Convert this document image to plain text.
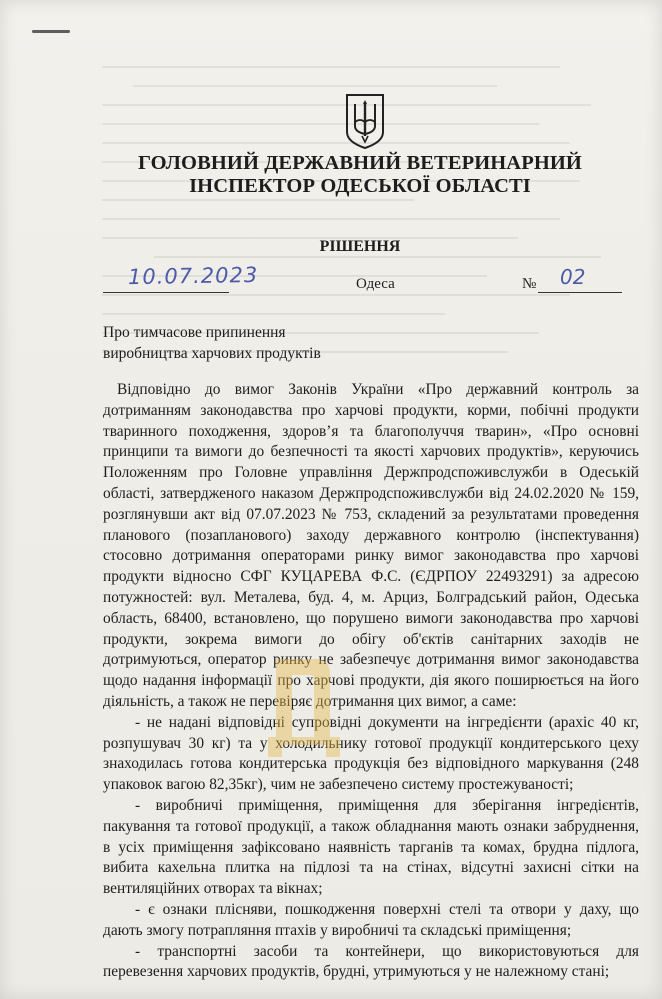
ГОЛОВНИЙ ДЕРЖАВНИЙ ВЕТЕРИНАРНИЙ
ІНСПЕКТОР ОДЕСЬКОЇ ОБЛАСТІ
РІШЕННЯ
10.07.2023	Одеса	№ 02
Про тимчасове припинення
виробництва харчових продуктів
Відповідно до вимог Законів України «Про державний контроль за
дотриманням законодавства про харчові продукти, корми, побічні продукти
тваринного походження, здоров’я та благополуччя тварин», «Про основні
принципи та вимоги до безпечності та якості харчових продуктів», керуючись
Положенням про Головне управління Держпродспоживслужби в Одеській
області, затвердженого наказом Держпродспоживслужби від 24.02.2020 № 159,
розглянувши акт від 07.07.2023 № 753, складений за результатами проведення
планового (позапланового) заходу державного контролю (інспектування)
стосовно дотримання операторами ринку вимог законодавства про харчові
продукти відносно СФГ КУЦАРЕВА Ф.С. (ЄДРПОУ 22493291) за адресою
потужностей: вул. Металева, буд. 4, м. Арциз, Болградський район, Одеська
область, 68400, встановлено, що порушено вимоги законодавства про харчові
продукти, зокрема вимоги до обігу об'єктів санітарних заходів не
дотримуються, оператор ринку не забезпечує дотримання вимог законодавства
щодо надання інформації про харчові продукти, дія якого поширюється на його
діяльність, а також не перевіряє дотримання цих вимог, а саме:
- не надані відповідні супровідні документи на інгредієнти (арахіс 40 кг,
розпушувач 30 кг) та у холодильнику готової продукції кондитерського цеху
знаходилась готова кондитерська продукція без відповідного маркування (248
упаковок вагою 82,35кг), чим не забезпечено систему простежуваності;
- виробничі приміщення, приміщення для зберігання інгредієнтів,
пакування та готової продукції, а також обладнання мають ознаки забруднення,
в усіх приміщення зафіксовано наявність тарганів та комах, брудна підлога,
вибита кахельна плитка на підлозі та на стінах, відсутні захисні сітки на
вентиляційних отворах та вікнах;
- є ознаки плісняви, пошкодження поверхні стелі та отвори у даху, що
дають змогу потрапляння птахів у виробничі та складські приміщення;
- транспортні засоби та контейнери, що використовуються для
перевезення харчових продуктів, брудні, утримуються у не належному стані;
